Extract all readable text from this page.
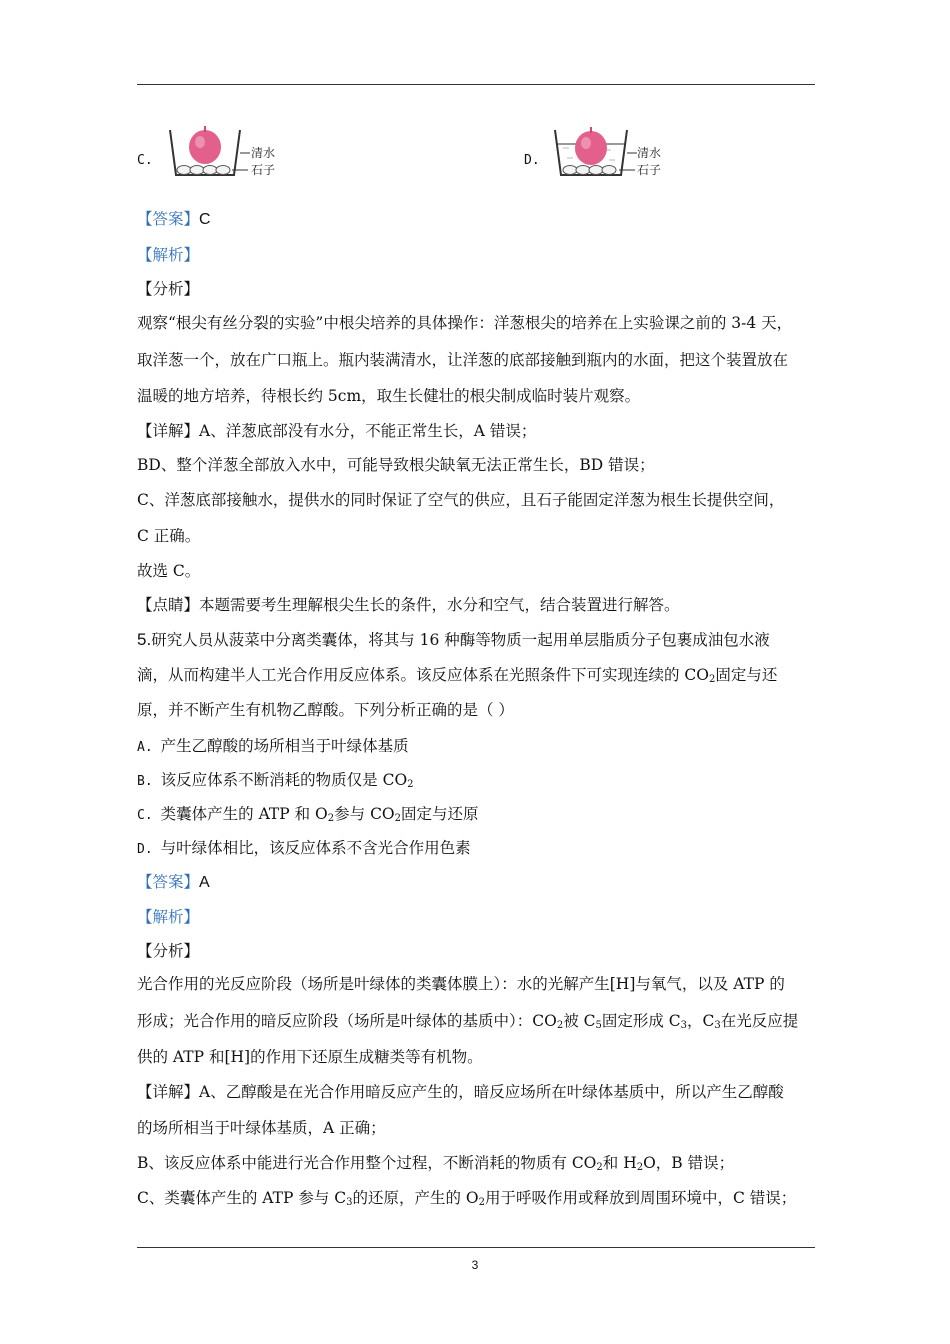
C.	清水
石子
D.	清水
石子
【答案】C
【解析】
【分析】
观察“根尖有丝分裂的实验”中根尖培养的具体操作：洋葱根尖的培养在上实验课之前的 3-4 天，
取洋葱一个，放在广口瓶上。瓶内装满清水，让洋葱的底部接触到瓶内的水面，把这个装置放在
温暖的地方培养，待根长约 5cm，取生长健壮的根尖制成临时装片观察。
【详解】A、洋葱底部没有水分，不能正常生长，A 错误；
BD、整个洋葱全部放入水中，可能导致根尖缺氧无法正常生长，BD 错误；
C、洋葱底部接触水，提供水的同时保证了空气的供应，且石子能固定洋葱为根生长提供空间，
C 正确。
故选 C。
【点睛】本题需要考生理解根尖生长的条件，水分和空气，结合装置进行解答。
5.研究人员从菠菜中分离类囊体，将其与 16 种酶等物质一起用单层脂质分子包裹成油包水液
滴，从而构建半人工光合作用反应体系。该反应体系在光照条件下可实现连续的 $CO_2$固定与还
原，并不断产生有机物乙醇酸。下列分析正确的是（ ）
A. 产生乙醇酸的场所相当于叶绿体基质
B. 该反应体系不断消耗的物质仅是 $CO_2$
C. 类囊体产生的 ATP 和 $O_2$参与 $CO_2$固定与还原
D. 与叶绿体相比，该反应体系不含光合作用色素
【答案】A
【解析】
【分析】
光合作用的光反应阶段（场所是叶绿体的类囊体膜上）：水的光解产生[H]与氧气，以及 ATP 的
形成；光合作用的暗反应阶段（场所是叶绿体的基质中）：$CO_2$被 $C_5$固定形成 $C_3$，$C_3$在光反应提
供的 ATP 和[H]的作用下还原生成糖类等有机物。
【详解】A、乙醇酸是在光合作用暗反应产生的，暗反应场所在叶绿体基质中，所以产生乙醇酸
的场所相当于叶绿体基质，A 正确；
B、该反应体系中能进行光合作用整个过程，不断消耗的物质有 $CO_2$和 $H_2O$，B 错误；
C、类囊体产生的 ATP 参与 $C_3$的还原，产生的 $O_2$用于呼吸作用或释放到周围环境中，C 错误；
3
